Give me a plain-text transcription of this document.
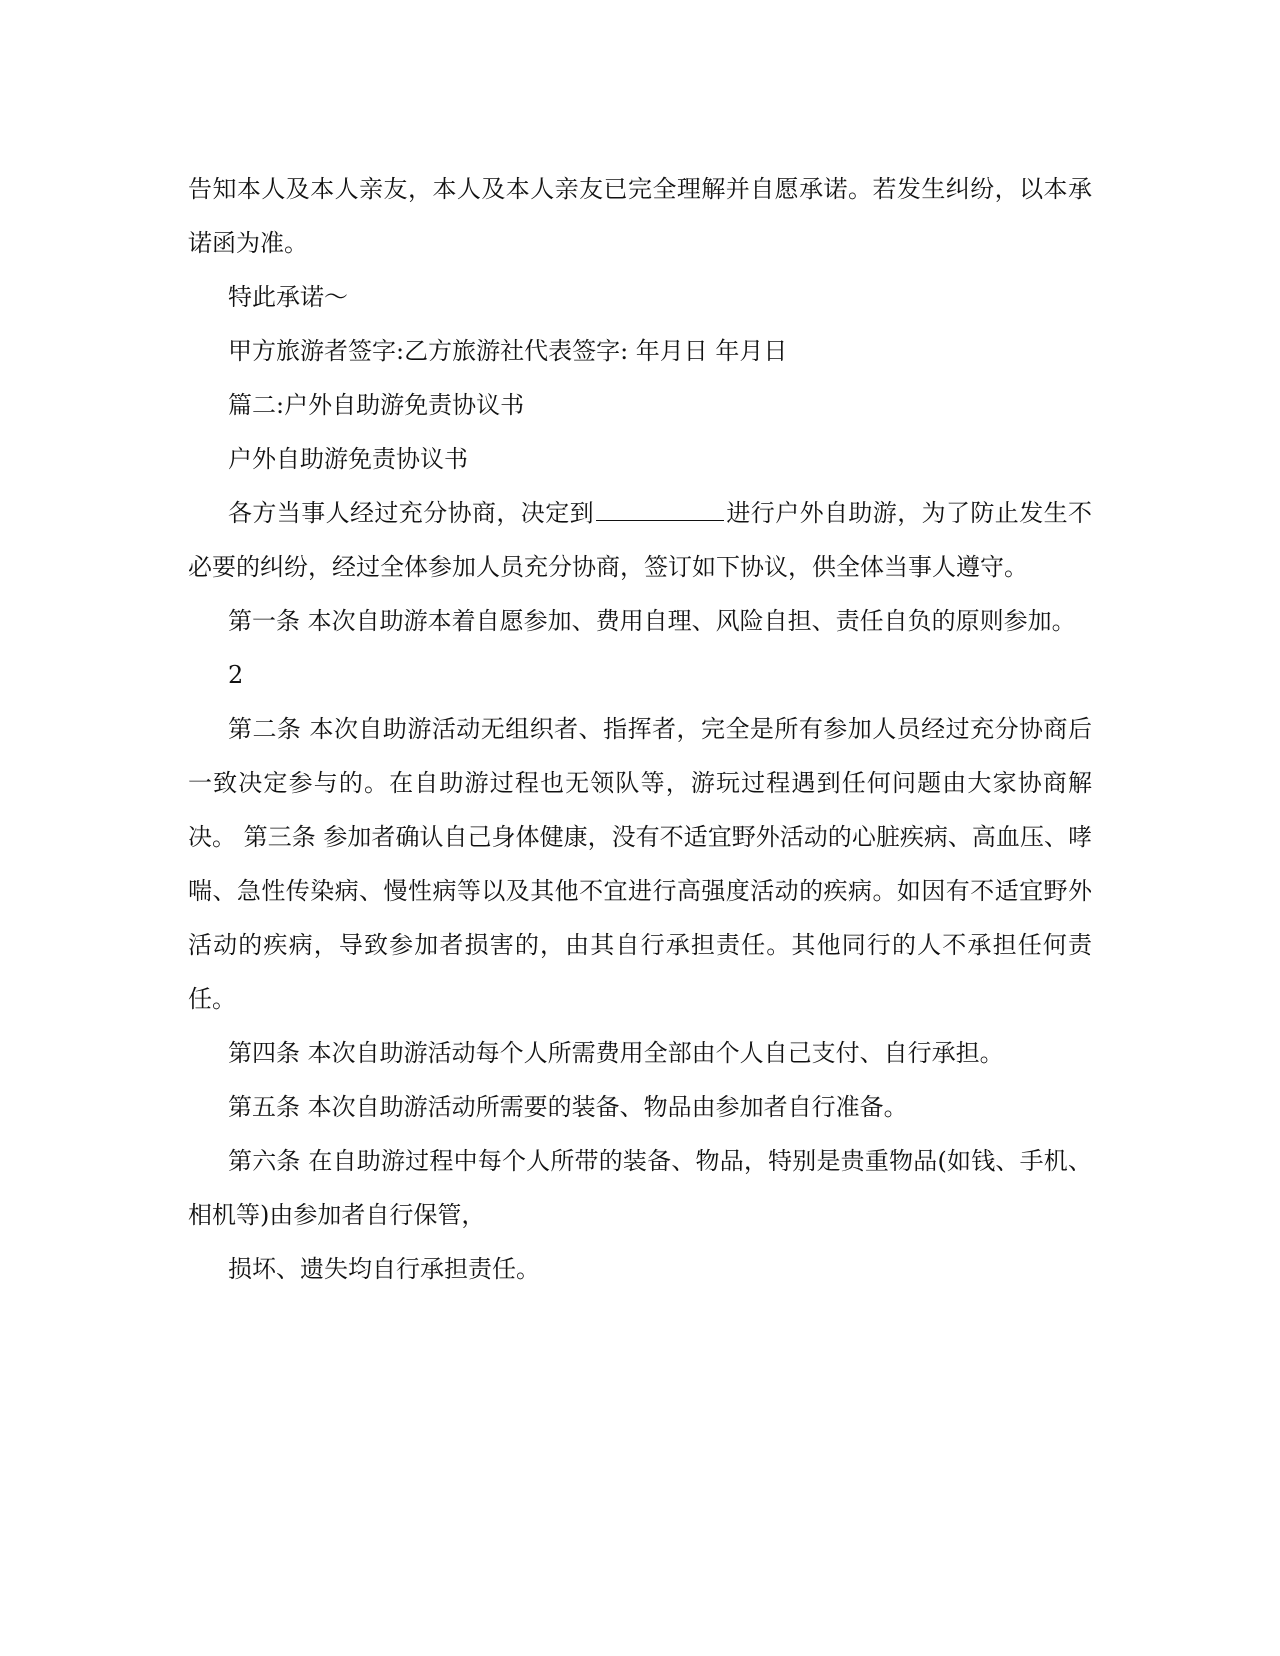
告知本人及本人亲友，本人及本人亲友已完全理解并自愿承诺。若发生纠纷，以本承诺函为准。

特此承诺～

甲方旅游者签字:乙方旅游社代表签字: 年月日 年月日

篇二:户外自助游免责协议书

户外自助游免责协议书

各方当事人经过充分协商，决定到	进行户外自助游，为了防止发生不必要的纠纷，经过全体参加人员充分协商，签订如下协议，供全体当事人遵守。

第一条 本次自助游本着自愿参加、费用自理、风险自担、责任自负的原则参加。

2

第二条 本次自助游活动无组织者、指挥者，完全是所有参加人员经过充分协商后一致决定参与的。在自助游过程也无领队等，游玩过程遇到任何问题由大家协商解决。 第三条 参加者确认自己身体健康，没有不适宜野外活动的心脏疾病、高血压、哮喘、急性传染病、慢性病等以及其他不宜进行高强度活动的疾病。如因有不适宜野外活动的疾病，导致参加者损害的，由其自行承担责任。其他同行的人不承担任何责任。

第四条 本次自助游活动每个人所需费用全部由个人自己支付、自行承担。

第五条 本次自助游活动所需要的装备、物品由参加者自行准备。

第六条 在自助游过程中每个人所带的装备、物品，特别是贵重物品(如钱、手机、相机等)由参加者自行保管，

损坏、遗失均自行承担责任。
